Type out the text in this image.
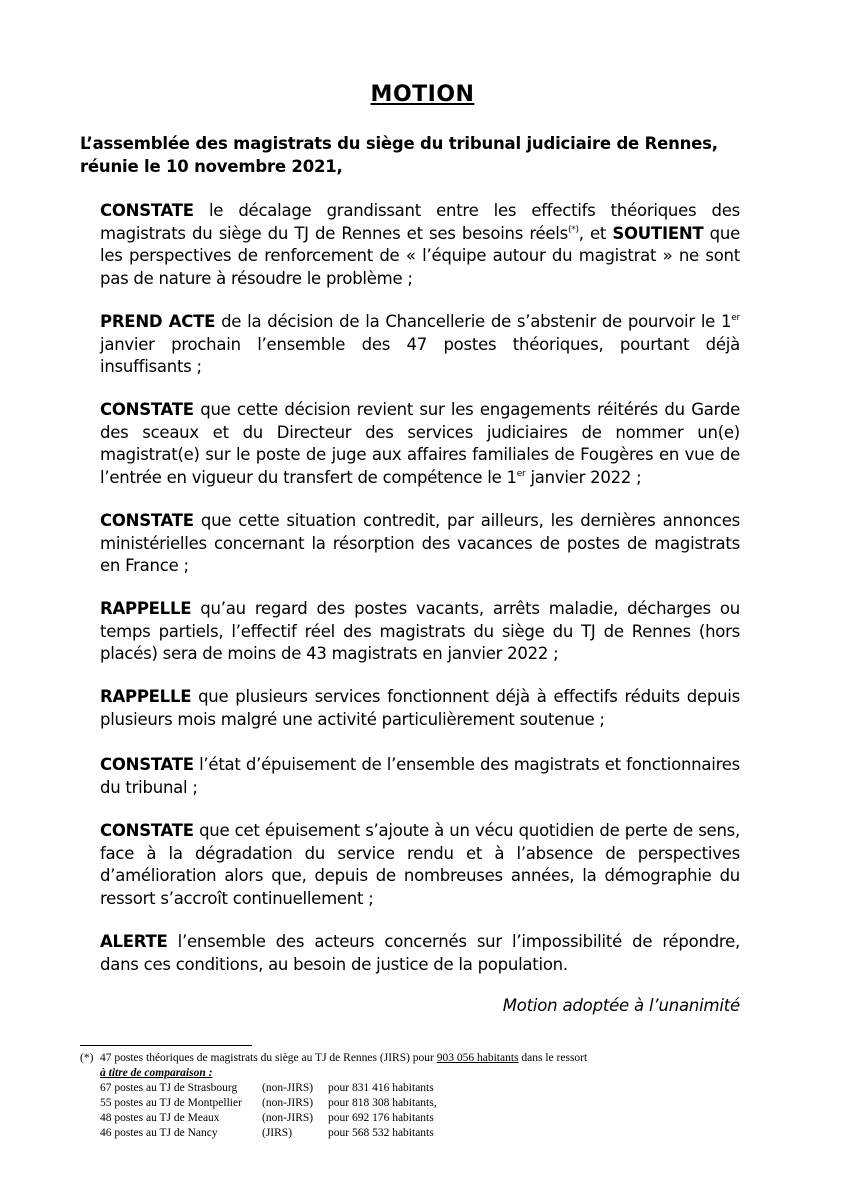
MOTION

L’assemblée des magistrats du siège du tribunal judiciaire de Rennes, réunie le 10 novembre 2021,

CONSTATE le décalage grandissant entre les effectifs théoriques des magistrats du siège du TJ de Rennes et ses besoins réels(*), et SOUTIENT que les perspectives de renforcement de « l’équipe autour du magistrat » ne sont pas de nature à résoudre le problème ;

PREND ACTE de la décision de la Chancellerie de s’abstenir de pourvoir le 1er janvier prochain l’ensemble des 47 postes théoriques, pourtant déjà insuffisants ;

CONSTATE que cette décision revient sur les engagements réitérés du Garde des sceaux et du Directeur des services judiciaires de nommer un(e) magistrat(e) sur le poste de juge aux affaires familiales de Fougères en vue de l’entrée en vigueur du transfert de compétence le 1er janvier 2022 ;

CONSTATE que cette situation contredit, par ailleurs, les dernières annonces ministérielles concernant la résorption des vacances de postes de magistrats en France ;

RAPPELLE qu’au regard des postes vacants, arrêts maladie, décharges ou temps partiels, l’effectif réel des magistrats du siège du TJ de Rennes (hors placés) sera de moins de 43 magistrats en janvier 2022 ;

RAPPELLE que plusieurs services fonctionnent déjà à effectifs réduits depuis plusieurs mois malgré une activité particulièrement soutenue ;

CONSTATE l’état d’épuisement de l’ensemble des magistrats et fonctionnaires du tribunal ;

CONSTATE que cet épuisement s’ajoute à un vécu quotidien de perte de sens, face à la dégradation du service rendu et à l’absence de perspectives d’amélioration alors que, depuis de nombreuses années, la démographie du ressort s’accroît continuellement ;

ALERTE l’ensemble des acteurs concernés sur l’impossibilité de répondre, dans ces conditions, au besoin de justice de la population.

Motion adoptée à l’unanimité

(*) 47 postes théoriques de magistrats du siège au TJ de Rennes (JIRS) pour 903 056 habitants dans le ressort
à titre de comparaison :
67 postes au TJ de Strasbourg (non-JIRS) pour 831 416 habitants
55 postes au TJ de Montpellier (non-JIRS) pour 818 308 habitants,
48 postes au TJ de Meaux	(non-JIRS) pour 692 176 habitants
46 postes au TJ de Nancy	(JIRS)	pour 568 532 habitants
